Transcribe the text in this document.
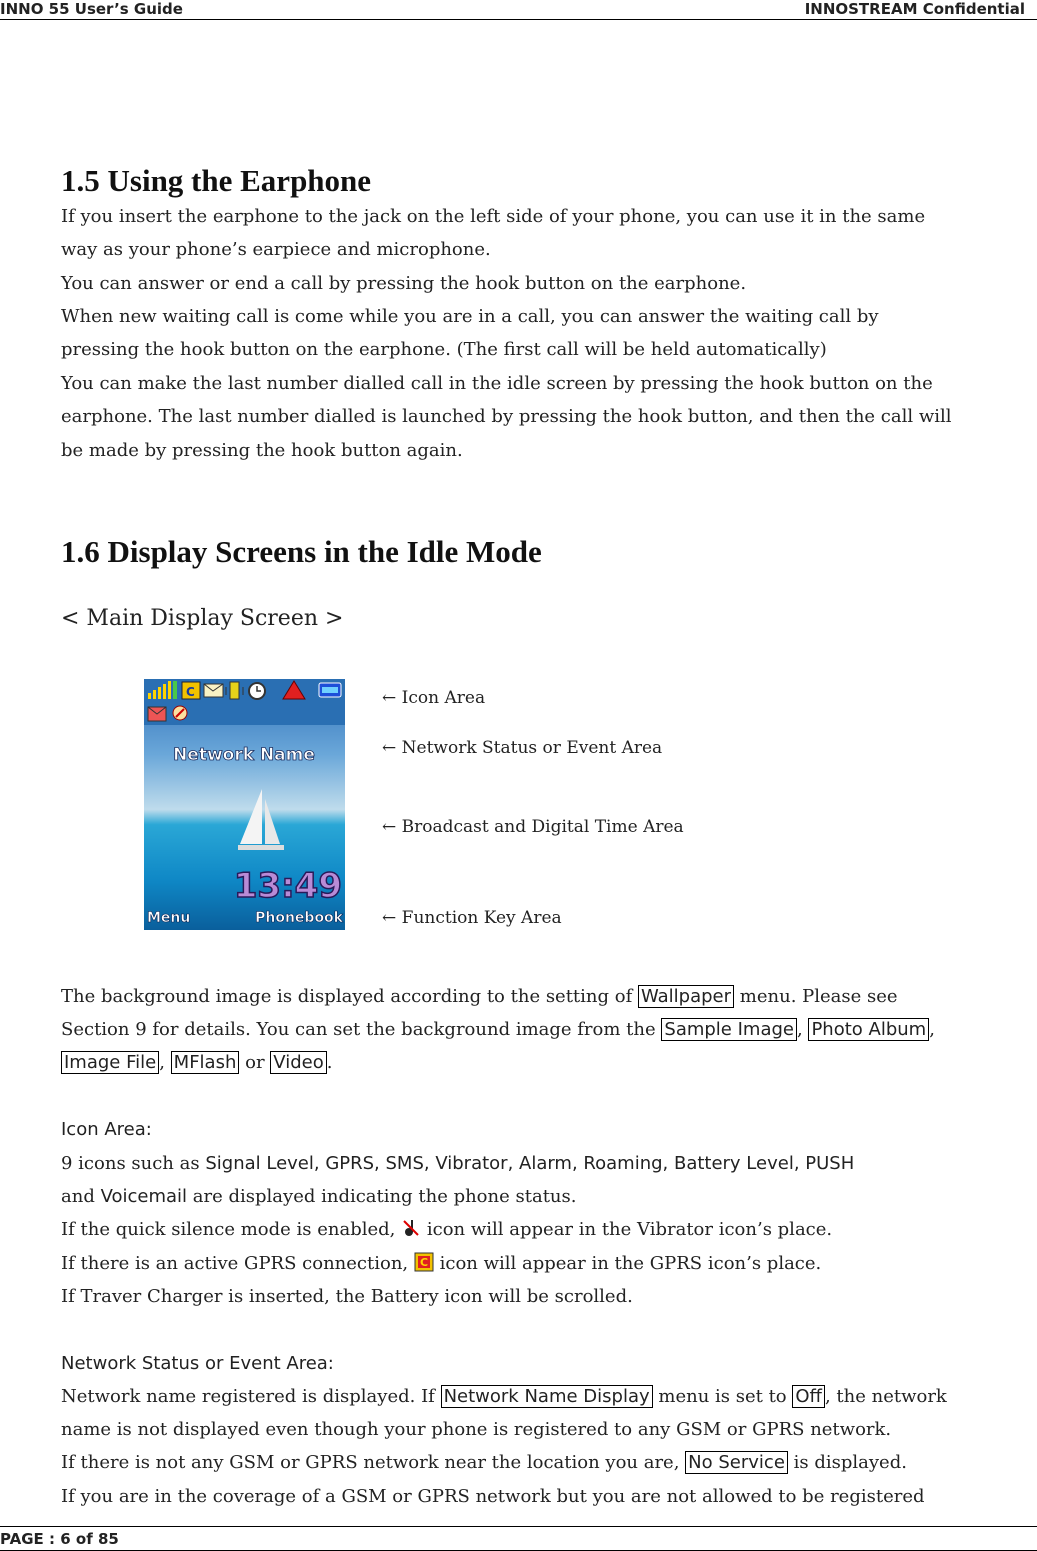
INNO 55 User’s Guide	INNOSTREAM Confidential
1.5 Using the Earphone
If you insert the earphone to the jack on the left side of your phone, you can use it in the same
way as your phone’s earpiece and microphone.
You can answer or end a call by pressing the hook button on the earphone.
When new waiting call is come while you are in a call, you can answer the waiting call by
pressing the hook button on the earphone. (The first call will be held automatically)
You can make the last number dialled call in the idle screen by pressing the hook button on the
earphone. The last number dialled is launched by pressing the hook button, and then the call will
be made by pressing the hook button again.
1.6 Display Screens in the Idle Mode
< Main Display Screen >
C
Network Name
13:49
Menu	Phonebook
← Icon Area
← Network Status or Event Area
← Broadcast and Digital Time Area
← Function Key Area
The background image is displayed according to the setting of Wallpaper menu. Please see
Section 9 for details. You can set the background image from the Sample Image , Photo Album ,
Image File , MFlash or Video .
Icon Area:
9 icons such as Signal Level, GPRS, SMS, Vibrator, Alarm, Roaming, Battery Level, PUSH
and Voicemail are displayed indicating the phone status.
If the quick silence mode is enabled, icon will appear in the Vibrator icon’s place.
If there is an active GPRS connection, C icon will appear in the GPRS icon’s place.
If Traver Charger is inserted, the Battery icon will be scrolled.
Network Status or Event Area:
Network name registered is displayed. If Network Name Display menu is set to Off , the network
name is not displayed even though your phone is registered to any GSM or GPRS network.
If there is not any GSM or GPRS network near the location you are, No Service is displayed.
If you are in the coverage of a GSM or GPRS network but you are not allowed to be registered
PAGE : 6 of 85
